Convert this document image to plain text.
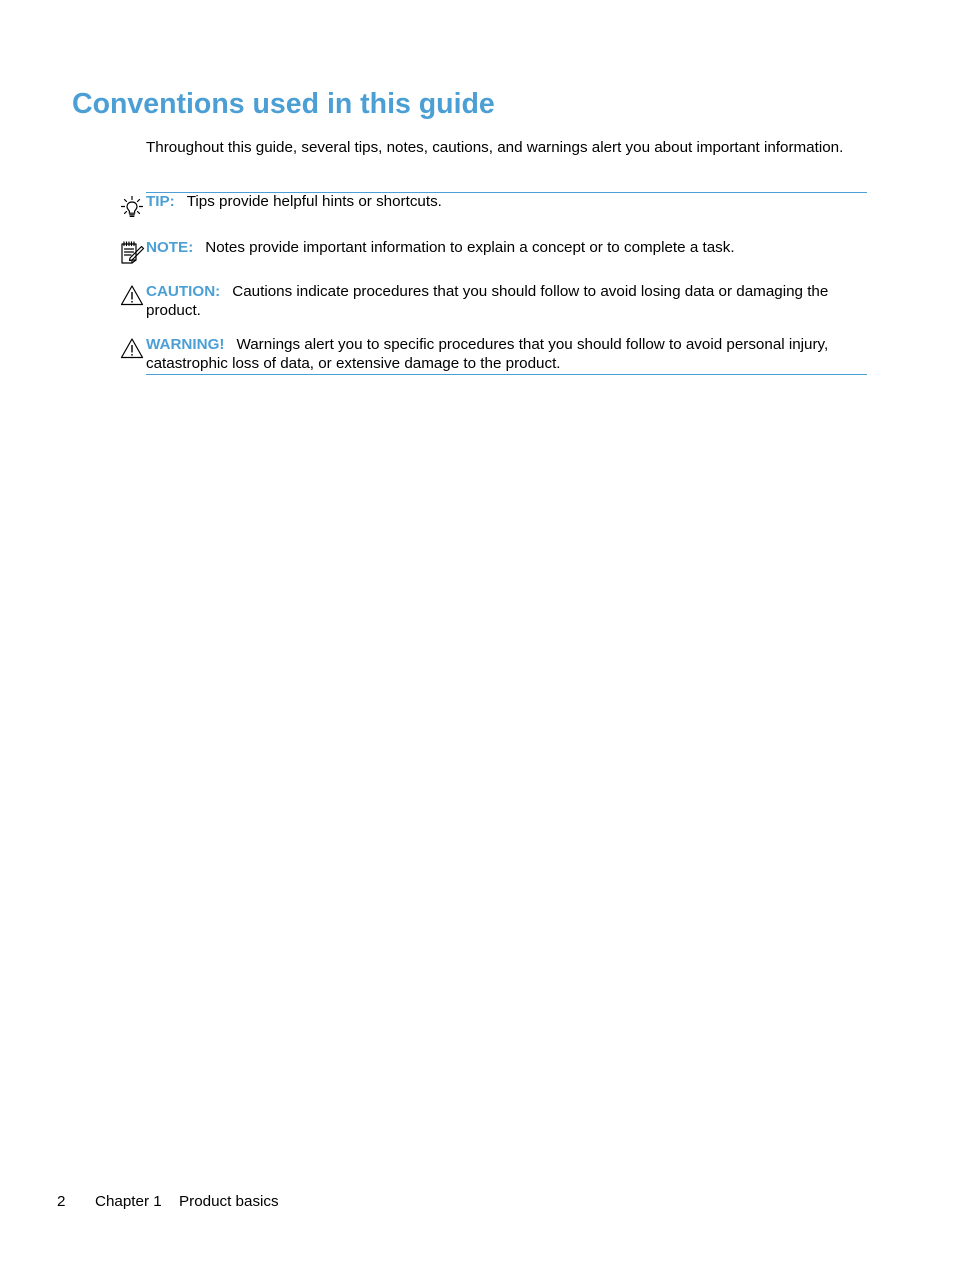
Conventions used in this guide

Throughout this guide, several tips, notes, cautions, and warnings alert you about important information.

TIP: Tips provide helpful hints or shortcuts.
NOTE: Notes provide important information to explain a concept or to complete a task.
CAUTION: Cautions indicate procedures that you should follow to avoid losing data or damaging the product.
WARNING! Warnings alert you to specific procedures that you should follow to avoid personal injury, catastrophic loss of data, or extensive damage to the product.
2 Chapter 1 Product basics
